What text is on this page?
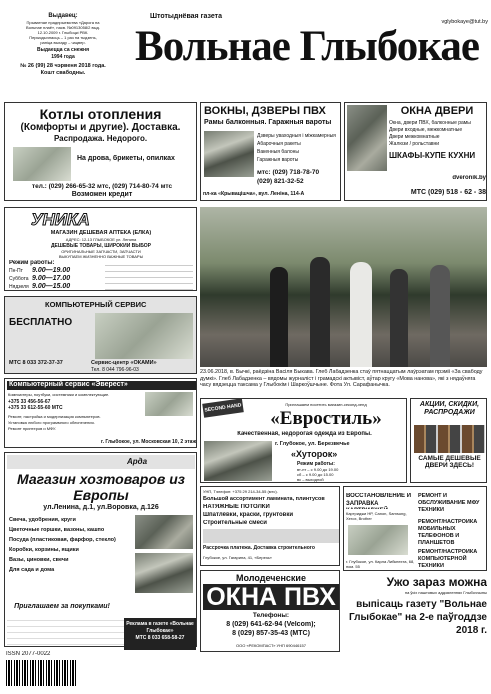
Выдавец:
Прыватнае прадпрыемства «Дарога на
Вольнае плаё», пасв. №0913058/2 выд.
12.10.2009 г. Глыбоцкі РВК.
Перыядычнасць – 1 раз на тыдзень,
раніца выхаду – чацвер.
Выдаецца са снежня
1994 года
№ 26 (99) 28 чэрвеня 2018 года.
Кошт свабодны.
Штотыднёвая газета
vglybokaye@tut.by
Вольнае Глыбокае
Котлы отопления
(Комфорты и другие). Доставка.
Распродажа. Недорого.
На дрова, брикеты, опилках
тел.: (029) 266-65-32 мтс, (029) 714-80-74 мтс
Возможен кредит
ВОКНЫ, ДЗВЕРЫ ПВХ
Рамы балконныя. Гаражныя вароты
Дзверы уваходныя і міжкамерныя
Абарочныя ракеты
Вакенныя балоны
Гаражныя вароты
мтс: (029) 718-78-70
(029) 821-32-52
пл-ка «Крывацішча», вул. Леніна, 114-А
ОКНА ДВЕРИ
Окна, двери ПВХ, балконные рамы
Двери входные, межкомнатные
Двери межкомнатные
Жалюзи / рольставни
ШКАФЫ-КУПЕ КУХНИ
dveronik.by
МТС (029) 518 - 62 - 38
УНИКА
МАГАЗИН ДЕШЕВАЯ АПТЕКА (ЕЛКА)
АДРЕС: 12-13 ГЛЫБОКОЕ ул. Ленина
ДЕШЁВЫЕ ТОВАРЫ, ШИРОКИЙ ВЫБОР
ОРИГИНАЛЬНЫЕ ЗАПЧАСТИ, ЗАПЧАСТИ
ВЫКУПАЕМ ЖИЗНЕННО ВАЖНЫЕ ТОВАРЫ
Режим работы:
Пн-Пт	9.00—19.00
Суббота 9.00—17.00
Нядзеля 9.00—15.00
КОМПЬЮТЕРНЫЙ СЕРВИС
БЕСПЛАТНО
МТС 8 033 372-37-37	Сервис-центр «ОКАМИ»
Тел. 8 044 796-96-03
Компьютерный сервис «Эверест»
Компьютеры, ноутбуки, системники и комплектующие.
+375 33 456-56-67
+375 33 612-55-60 МТС
Ремонт, настройка и модернизация компьютеров.
Установка любого программного обеспечения.
Ремонт принтеров и МФУ.
г. Глыбокое, ул. Московская 10, 2 этаж
23.06.2018, в. Бычкі, раёдзіна Васіля Быкава. Глеб Лабадзенка стаў пятнаццатым лаўрэатам прэміі «За свабоду думкі». Глеб Лабадзенка – вядомы журналіст і грамадскі актывіст, аўтар кругу «Мова нанова», які з нядаўняга часу вядзецца таксама у Глыбокім і Шаркоўшчыне. Фота Ул. Сарафанычка.
SECOND HAND	Приглашаем посетить магазин-секонд-хенд
«Евростиль»
Качественная, недорогая одежда из Европы.
г. Глубокое, ул. Березвечье
«Хуторок»
Режим работы:
вт-пт – с 9.00 до 19.00
сб – с 9.00 до 15.00
вс – выходной
АКЦИИ, СКИДКИ, РАСПРОДАЖИ
САМЫЕ ДЕШЕВЫЕ ДВЕРИ ЗДЕСЬ!
Арда
Магазин хозтоваров из Европы
ул.Ленина, д.1, ул.Воровка, д.126
Свеча, удобрения, круги
Цветочные горшки, вазоны, кашпо
Посуда (пластиковая, фарфор, стекло)
Коробки, корзины, ящики
Вазы, циновки, свечи
Для сада и дома
Приглашаем за покупками!
УНП, Тэлефон: +375 29 214-34-55 (мтс).
Большой ассортимент ламината, плинтусов
НАТЯЖНЫЕ ПОТОЛКИ
Шпатлёвки, краски, грунтовки
Строительные смеси
Рассрочка платежа. Доставка строительного
Глубокое, ул. Гагарина, 41, «Березь»
ВОССТАНОВЛЕНИЕ И ЗАПРАВКА
Картриджи HP, Canon, Samsung, Xerox, Brother
РЕМОНТ И ОБСЛУЖИВАНИЕ МФУ ТЕХНИКИ
РЕМОНТ/НАСТРОЙКА МОБИЛЬНЫХ ТЕЛЕФОНОВ И ПЛАНШЕТОВ
РЕМОНТ/НАСТРОЙКА КОМПЬЮТЕРНОЙ ТЕХНИКИ
г. Глубокое, ул. Карла Либкнехта, 68, пом. 55
Молодеченские
ОКНА ПВХ
Телефоны:
8 (029) 641-62-94 (Velcom);
8 (029) 857-35-43 (МТС)
ООО «РЕКОМПАСТ» УНП 690446157
Ужо зараз можна
на ўсіх паштовых аддзяленнях Глыбоччыны
выпісаць газету "Вольнае Глыбокае" на 2-е паўгоддзе 2018 г.
ISSN 2077-0022
Реклама в газете «Вольнае Глыбокае»
МТС 8 033 658-58-27
